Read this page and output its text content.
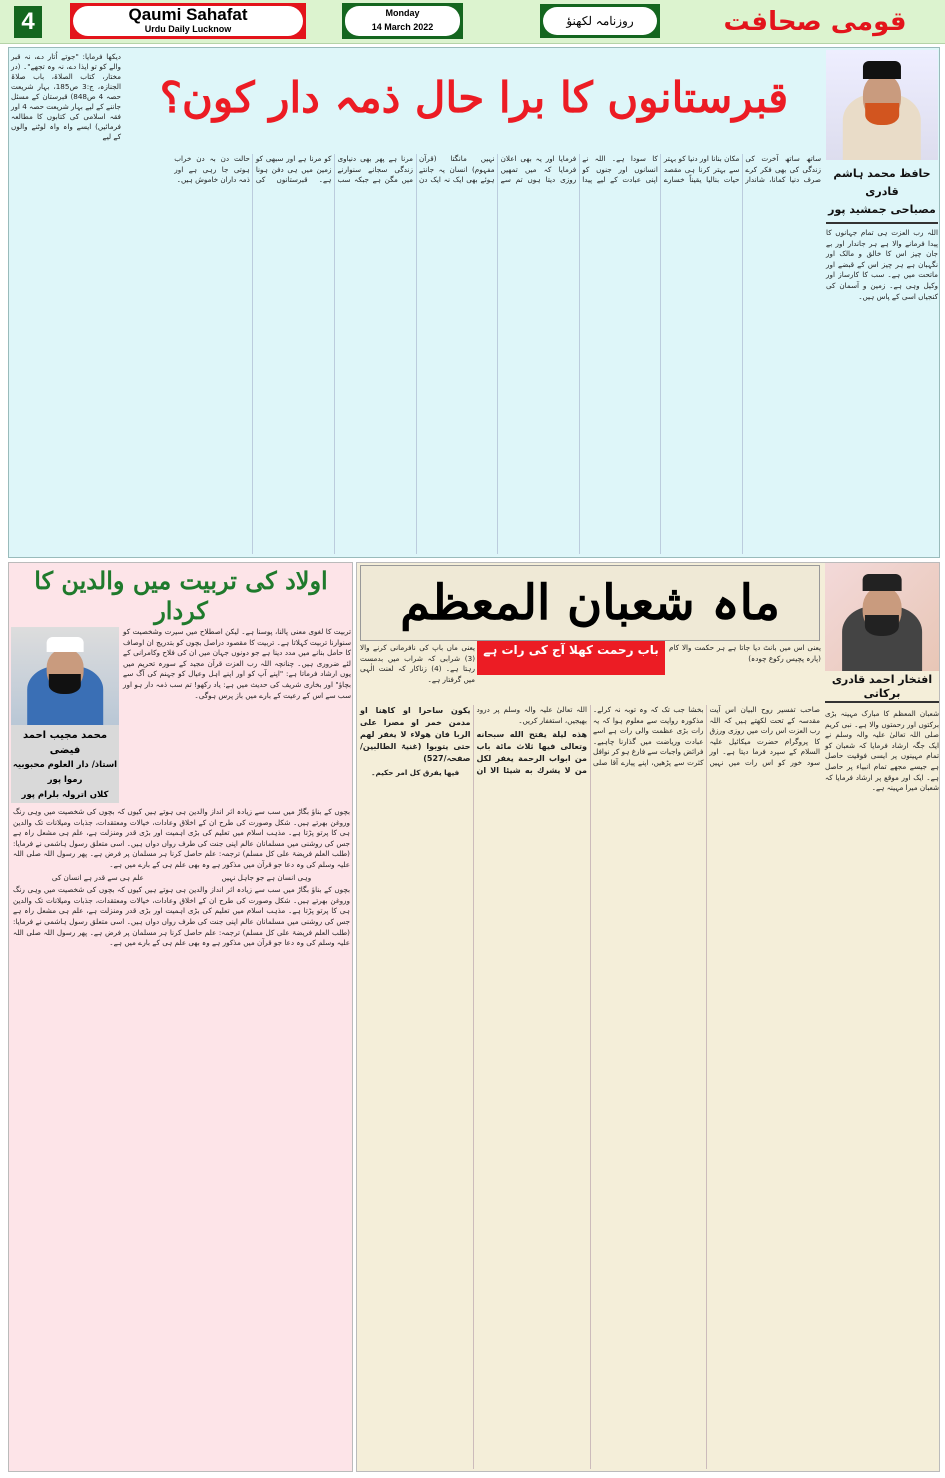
4	Qaumi Sahafat
Urdu Daily Lucknow
Monday
14 March 2022	روزنامہ لکھنؤ	قومی صحافت
دیکھا فرمایا: "جوتے اُتار دے، نہ قبر والے کو تو ایذا دے، نہ وہ تجھے"۔ (در مختار، کتاب الصلاۃ، باب صلاۃ الجنازہ، ج:3 ص185، بہار شریعت حصہ 4 ص848) قبرستان کے مسئل جاننے کے لیے بہار شریعت حصہ 4 اور فقہ اسلامی کی کتابوں کا مطالعہ فرمائیں) ایسے واہ واہ لوٹنے والوں کے لیے
قبرستانوں کا برا حال ذمہ دار کون؟
ساتھ ساتھ آخرت کی زندگی کی بھی فکر کرے صرف دنیا کمانا، شاندار مکان بنانا اور دنیا کو بہتر سے بہتر کرنا ہی مقصد حیات بنالیا یقیناً خسارے کا سودا ہے۔ اللہ نے انسانوں اور جنوں کو اپنی عبادت کے لیے پیدا فرمایا اور یہ بھی اعلان فرمایا کہ میں تمھیں روزی دیتا ہوں تم سے نہیں مانگتا (قرآن مفہوم) انسان یہ جانتے ہوئے بھی ایک نہ ایک دن مرنا ہے پھر بھی دنیاوی زندگی سجانے سنوارنے میں مگن ہے جبکہ سب کو مرنا ہے اور سبھی کو زمین میں ہی دفن ہونا ہے۔ قبرستانوں کی حالت دن بہ دن خراب ہوتی جا رہی ہے اور ذمہ داران خاموش ہیں۔	حافظ محمد ہاشم قادری
مصباحی جمشید پور
اللہ رب العزت ہی تمام جہانوں کا پیدا فرمانے والا ہے ہر جاندار اور بے جان چیز اس کا خالق و مالک اور نگہبان ہے ہر چیز اس کے قبضے اور ماتحت میں ہے۔ سب کا کارساز اور وکیل وہی ہے۔ زمین و آسمان کی کنجیاں اسی کے پاس ہیں۔
اولاد کی تربیت میں والدین کا کردار
محمد مجیب احمد فیضی
استاذ/ دار العلوم محبوبیہ رموا پور
کلاں اترولہ بلرام پور
تربیت کا لغوی معنی پالنا، پوسنا ہے۔ لیکن اصطلاح میں سیرت وشخصیت کو سنوارنا تربیت کہلاتا ہے۔ تربیت کا مقصود دراصل بچوں کو بتدریج ان اوصاف کا حامل بنانے میں مدد دینا ہے جو دونوں جہان میں ان کی فلاح وکامرانی کے لئے ضروری ہیں۔ چنانچہ اللہ رب العزت قرآن مجید کے سورہ تحریم میں یوں ارشاد فرماتا ہے: "اپنے آپ کو اور اپنے اہل وعیال کو جہنم کی آگ سے بچاؤ" اور بخاری شریف کی حدیث میں ہے: یاد رکھو! تم سب ذمہ دار ہو اور سب سے اس کے رعیت کے بارے میں باز پرس ہوگی۔

بچوں کے بناؤ بگاڑ میں سب سے زیادہ اثر انداز والدین ہی ہوتے ہیں کیوں کہ بچوں کی شخصیت میں وہی رنگ وروغن بھرتے ہیں۔ شکل وصورت کی طرح ان کے اخلاق وعادات، خیالات ومعتقدات، جذبات ومیلانات تک والدین ہی کا پرتو پڑتا ہے۔ مذہب اسلام میں تعلیم کی بڑی اہمیت اور بڑی قدر ومنزلت ہے، علم ہی مشعل راہ ہے جس کی روشنی میں مسلمانان عالم اپنی جنت کی طرف رواں دواں ہیں۔ اسی متعلق رسول ہاشمی نے فرمایا: (طلب العلم فریضۃ علی کل مسلم) ترجمہ: علم حاصل کرنا ہر مسلمان پر فرض ہے۔ پھر رسول اللہ صلی اللہ علیہ وسلم کی وہ دعا جو قرآن میں مذکور ہے وہ بھی علم ہی کے بارے میں ہے۔

وہی انسان ہے جو جاہل نہیں
علم ہی سے قدر ہے انسان کی

بچوں کے بناؤ بگاڑ میں سب سے زیادہ اثر انداز والدین ہی ہوتے ہیں کیوں کہ بچوں کی شخصیت میں وہی رنگ وروغن بھرتے ہیں۔ شکل وصورت کی طرح ان کے اخلاق وعادات، خیالات ومعتقدات، جذبات ومیلانات تک والدین ہی کا پرتو پڑتا ہے۔ مذہب اسلام میں تعلیم کی بڑی اہمیت اور بڑی قدر ومنزلت ہے، علم ہی مشعل راہ ہے جس کی روشنی میں مسلمانان عالم اپنی جنت کی طرف رواں دواں ہیں۔ اسی متعلق رسول ہاشمی نے فرمایا: (طلب العلم فریضۃ علی کل مسلم) ترجمہ: علم حاصل کرنا ہر مسلمان پر فرض ہے۔ پھر رسول اللہ صلی اللہ علیہ وسلم کی وہ دعا جو قرآن میں مذکور ہے وہ بھی علم ہی کے بارے میں ہے۔

ماہ شعبان المعظم
افتخار احمد قادری برکاتی
باب رحمت کھلا آج کی رات ہے	یعنی اس میں بانٹ دیا جاتا ہے ہر حکمت والا کام (پارہ پچیس رکوع چودہ)
یعنی ماں باپ کی نافرمانی کرنے والا (3) شرابی کہ شراب میں بدمست رہتا ہے۔ (4) زناکار کہ لعنت الٰہی میں گرفتار ہے۔

صاحب تفسیر روح البیان اس آیت مقدسہ کے تحت لکھتے ہیں کہ اللہ رب العزت اس رات میں روزی ورزق کا پروگرام حضرت میکائیل علیہ السلام کے سپرد فرما دیتا ہے۔ اور سود خور کو اس رات میں نہیں بخشا جب تک کہ وہ توبہ نہ کرلے۔ مذکورہ روایت سے معلوم ہوا کہ یہ رات بڑی عظمت والی رات ہے اسے عبادت وریاضت میں گذارنا چاہیے۔ فرائض واجبات سے فارغ ہو کر نوافل کثرت سے پڑھیں، اپنے پیارے آقا صلی اللہ تعالیٰ علیہ والہ وسلم پر درود بھیجیں، استغفار کریں۔

هذه ليلة يفتح الله سبحانه وتعالى فيها ثلاث مائة باب من ابواب الرحمة يغفر لكل من لا يشرك به شيئا الا ان يكون ساحرا او كاهنا او مدمن خمر او مصرا على الربا فان هولاء لا يغفر لهم حتى يتوبوا (غنیۃ الطالبین/صفحہ/527)

فیھا یفرق کل امر حکیم۔

شعبان المعظم کا مبارک مہینہ بڑی برکتوں اور رحمتوں والا ہے۔ نبی کریم صلی اللہ تعالیٰ علیہ والہ وسلم نے ایک جگہ ارشاد فرمایا کہ شعبان کو تمام مہینوں پر ایسی فوقیت حاصل ہے جیسے مجھے تمام انبیاء پر حاصل ہے۔ ایک اور موقع پر ارشاد فرمایا کہ شعبان میرا مہینہ ہے۔
